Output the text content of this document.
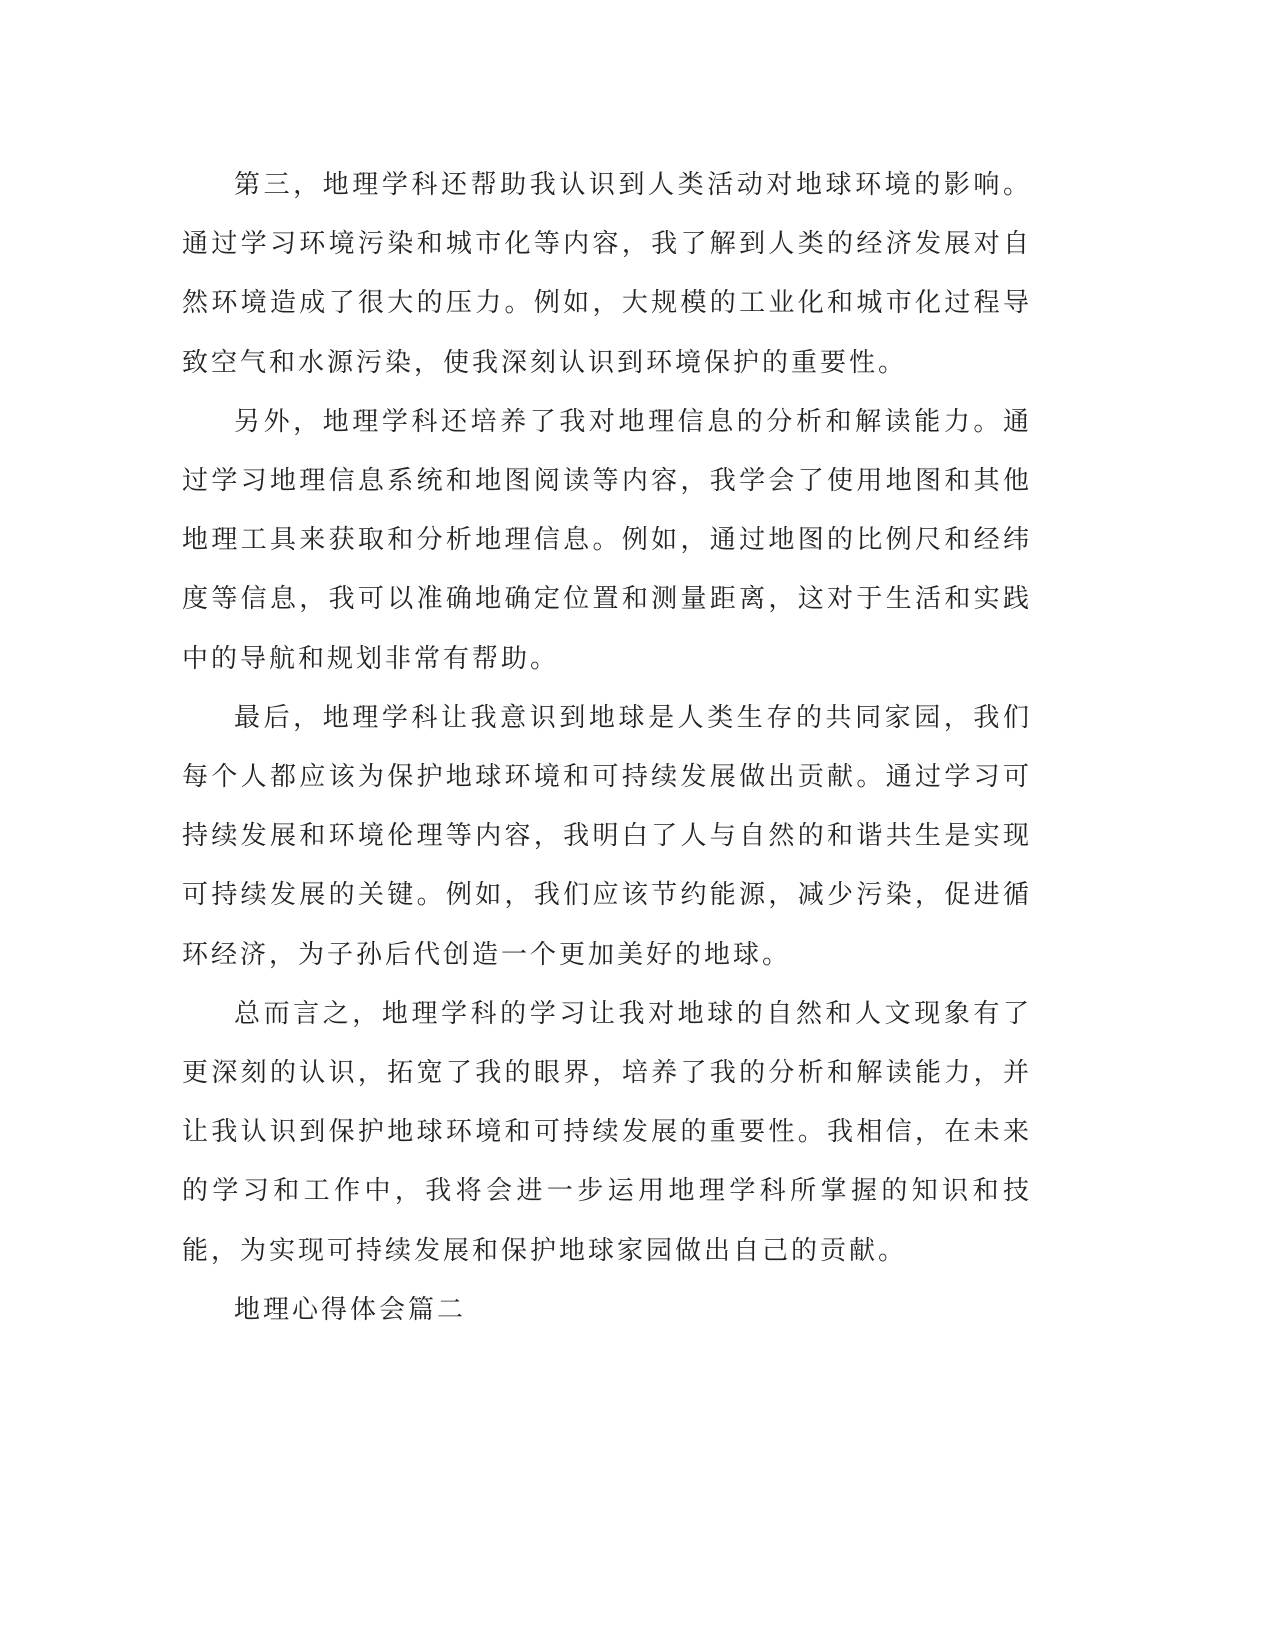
第三，地理学科还帮助我认识到人类活动对地球环境的影响。通过学习环境污染和城市化等内容，我了解到人类的经济发展对自然环境造成了很大的压力。例如，大规模的工业化和城市化过程导致空气和水源污染，使我深刻认识到环境保护的重要性。

另外，地理学科还培养了我对地理信息的分析和解读能力。通过学习地理信息系统和地图阅读等内容，我学会了使用地图和其他地理工具来获取和分析地理信息。例如，通过地图的比例尺和经纬度等信息，我可以准确地确定位置和测量距离，这对于生活和实践中的导航和规划非常有帮助。

最后，地理学科让我意识到地球是人类生存的共同家园，我们每个人都应该为保护地球环境和可持续发展做出贡献。通过学习可持续发展和环境伦理等内容，我明白了人与自然的和谐共生是实现可持续发展的关键。例如，我们应该节约能源，减少污染，促进循环经济，为子孙后代创造一个更加美好的地球。

总而言之，地理学科的学习让我对地球的自然和人文现象有了更深刻的认识，拓宽了我的眼界，培养了我的分析和解读能力，并让我认识到保护地球环境和可持续发展的重要性。我相信，在未来的学习和工作中，我将会进一步运用地理学科所掌握的知识和技能，为实现可持续发展和保护地球家园做出自己的贡献。

地理心得体会篇二
